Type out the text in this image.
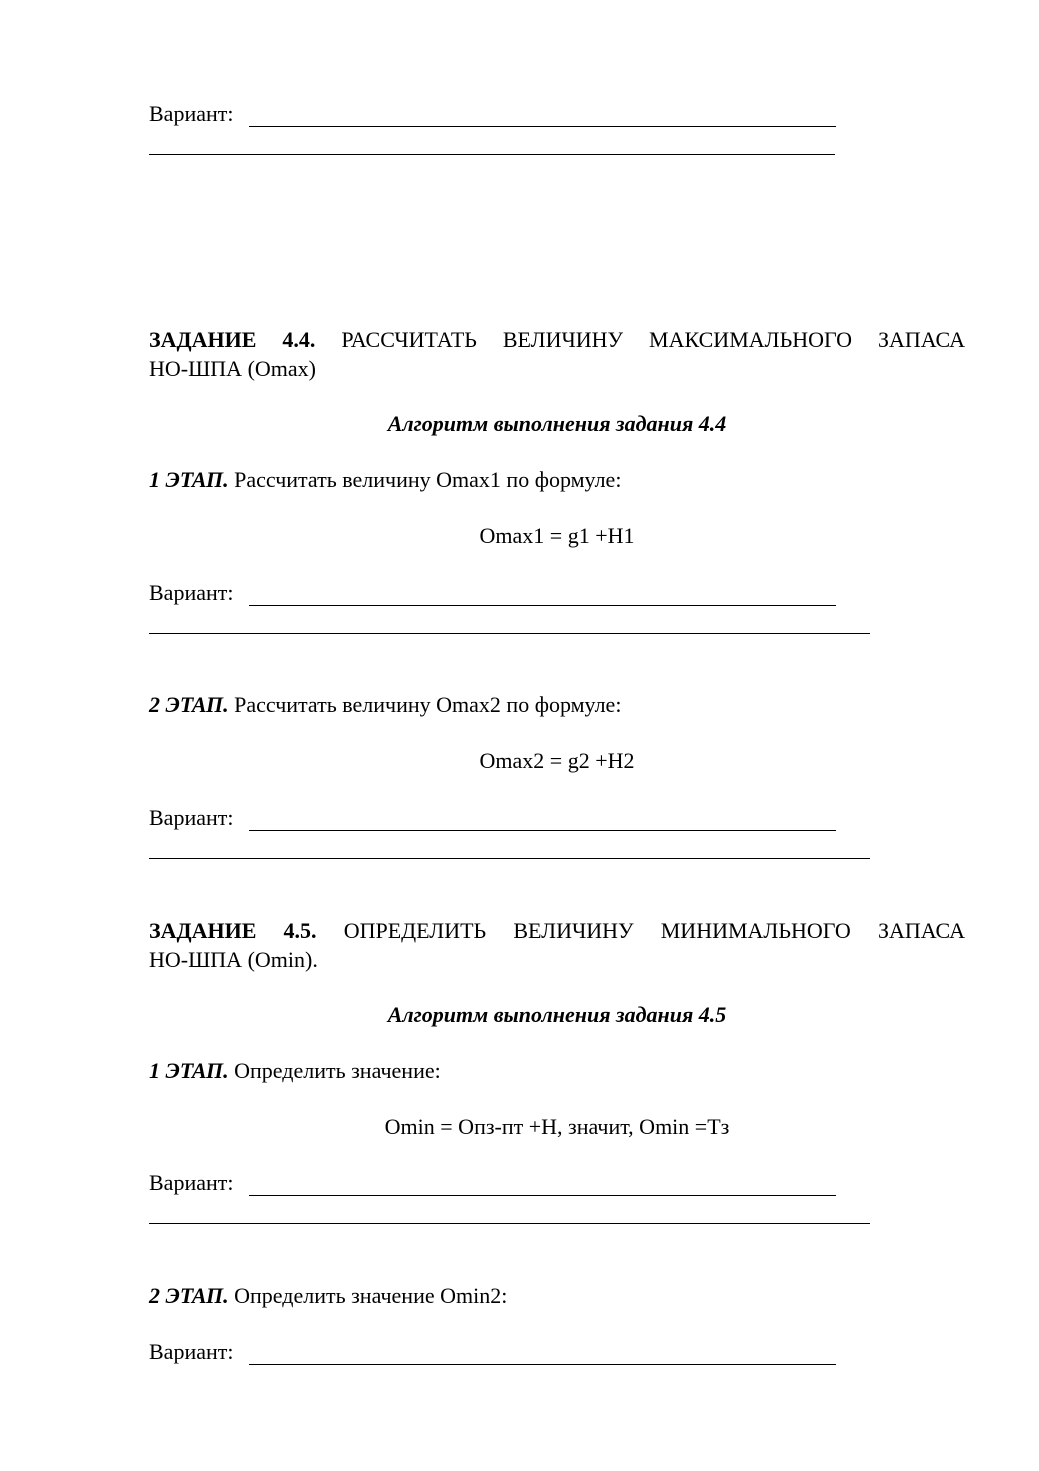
Вариант:
ЗАДАНИЕ 4.4. РАССЧИТАТЬ ВЕЛИЧИНУ МАКСИМАЛЬНОГО ЗАПАСА
НО-ШПА (Omax)
Алгоритм выполнения задания 4.4
1 ЭТАП. Рассчитать величину Omax1 по формуле:
Omax1 = g1 +H1
Вариант:
2 ЭТАП. Рассчитать величину Omax2 по формуле:
Omax2 = g2 +H2
Вариант:
ЗАДАНИЕ 4.5. ОПРЕДЕЛИТЬ ВЕЛИЧИНУ МИНИМАЛЬНОГО ЗАПАСА
НО-ШПА (Omin).
Алгоритм выполнения задания 4.5
1 ЭТАП. Определить значение:
Omin = Oпз-пт +H, значит, Omin =Tз
Вариант:
2 ЭТАП. Определить значение Omin2:
Вариант:
